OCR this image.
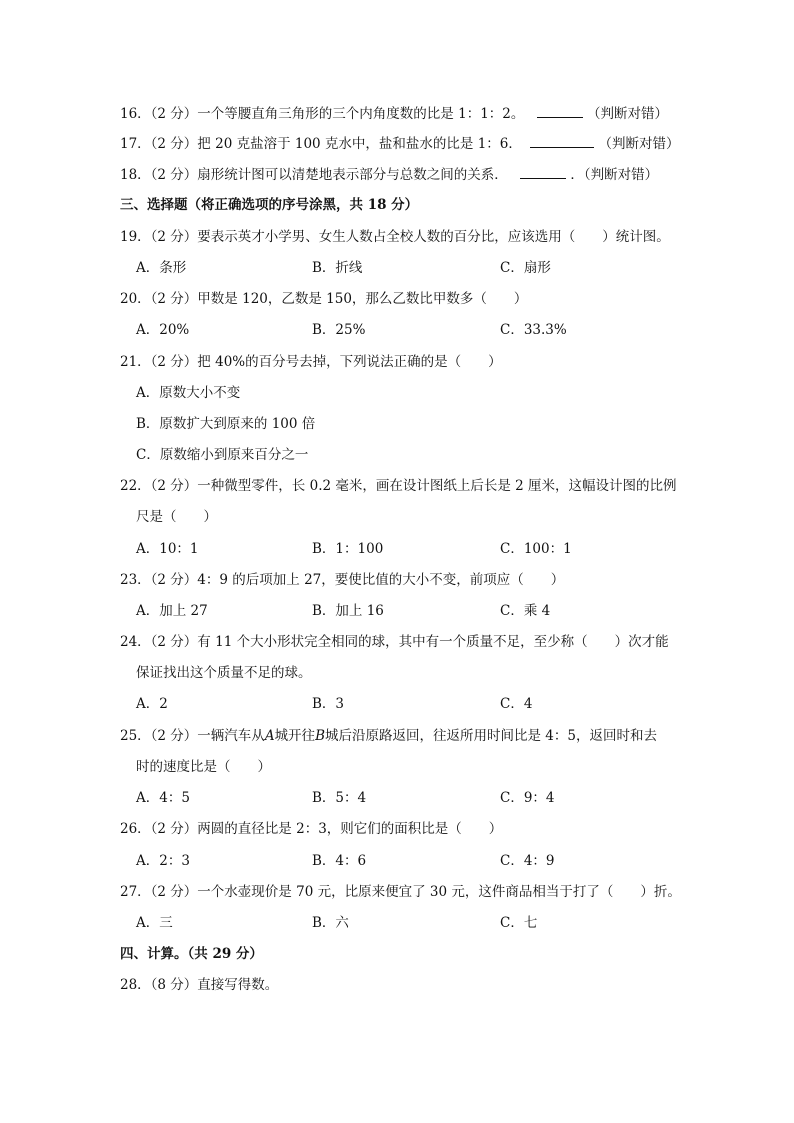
16．（2 分）一个等腰直角三角形的三个内角度数的比是 1：1：2。	（判断对错）
17．（2 分）把 20 克盐溶于 100 克水中，盐和盐水的比是 1：6．	（判断对错）
18．（2 分）扇形统计图可以清楚地表示部分与总数之间的关系．	．（判断对错）
三、选择题（将正确选项的序号涂黑，共 18 分）
19．（2 分）要表示英才小学男、女生人数占全校人数的百分比，应该选用（　　）统计图。
A．条形	B．折线	C．扇形
20．（2 分）甲数是 120，乙数是 150，那么乙数比甲数多（　　）
A．20%	B．25%	C．33.3%
21．（2 分）把 40%的百分号去掉，下列说法正确的是（　　）
A．原数大小不变
B．原数扩大到原来的 100 倍
C．原数缩小到原来百分之一
22．（2 分）一种微型零件，长 0.2 毫米，画在设计图纸上后长是 2 厘米，这幅设计图的比例
尺是（　　）
A．10：1	B．1：100	C．100：1
23．（2 分）4：9 的后项加上 27，要使比值的大小不变，前项应（　　）
A．加上 27	B．加上 16	C．乘 4
24．（2 分）有 11 个大小形状完全相同的球，其中有一个质量不足，至少称（　　）次才能
保证找出这个质量不足的球。
A．2	B．3	C．4
25．（2 分）一辆汽车从A城开往B城后沿原路返回，往返所用时间比是 4：5，返回时和去
时的速度比是（　　）
A．4：5	B．5：4	C．9：4
26．（2 分）两圆的直径比是 2：3，则它们的面积比是（　　）
A．2：3	B．4：6	C．4：9
27．（2 分）一个水壶现价是 70 元，比原来便宜了 30 元，这件商品相当于打了（　　）折。
A．三	B．六	C．七
四、计算。（共 29 分）
28．（8 分）直接写得数。
